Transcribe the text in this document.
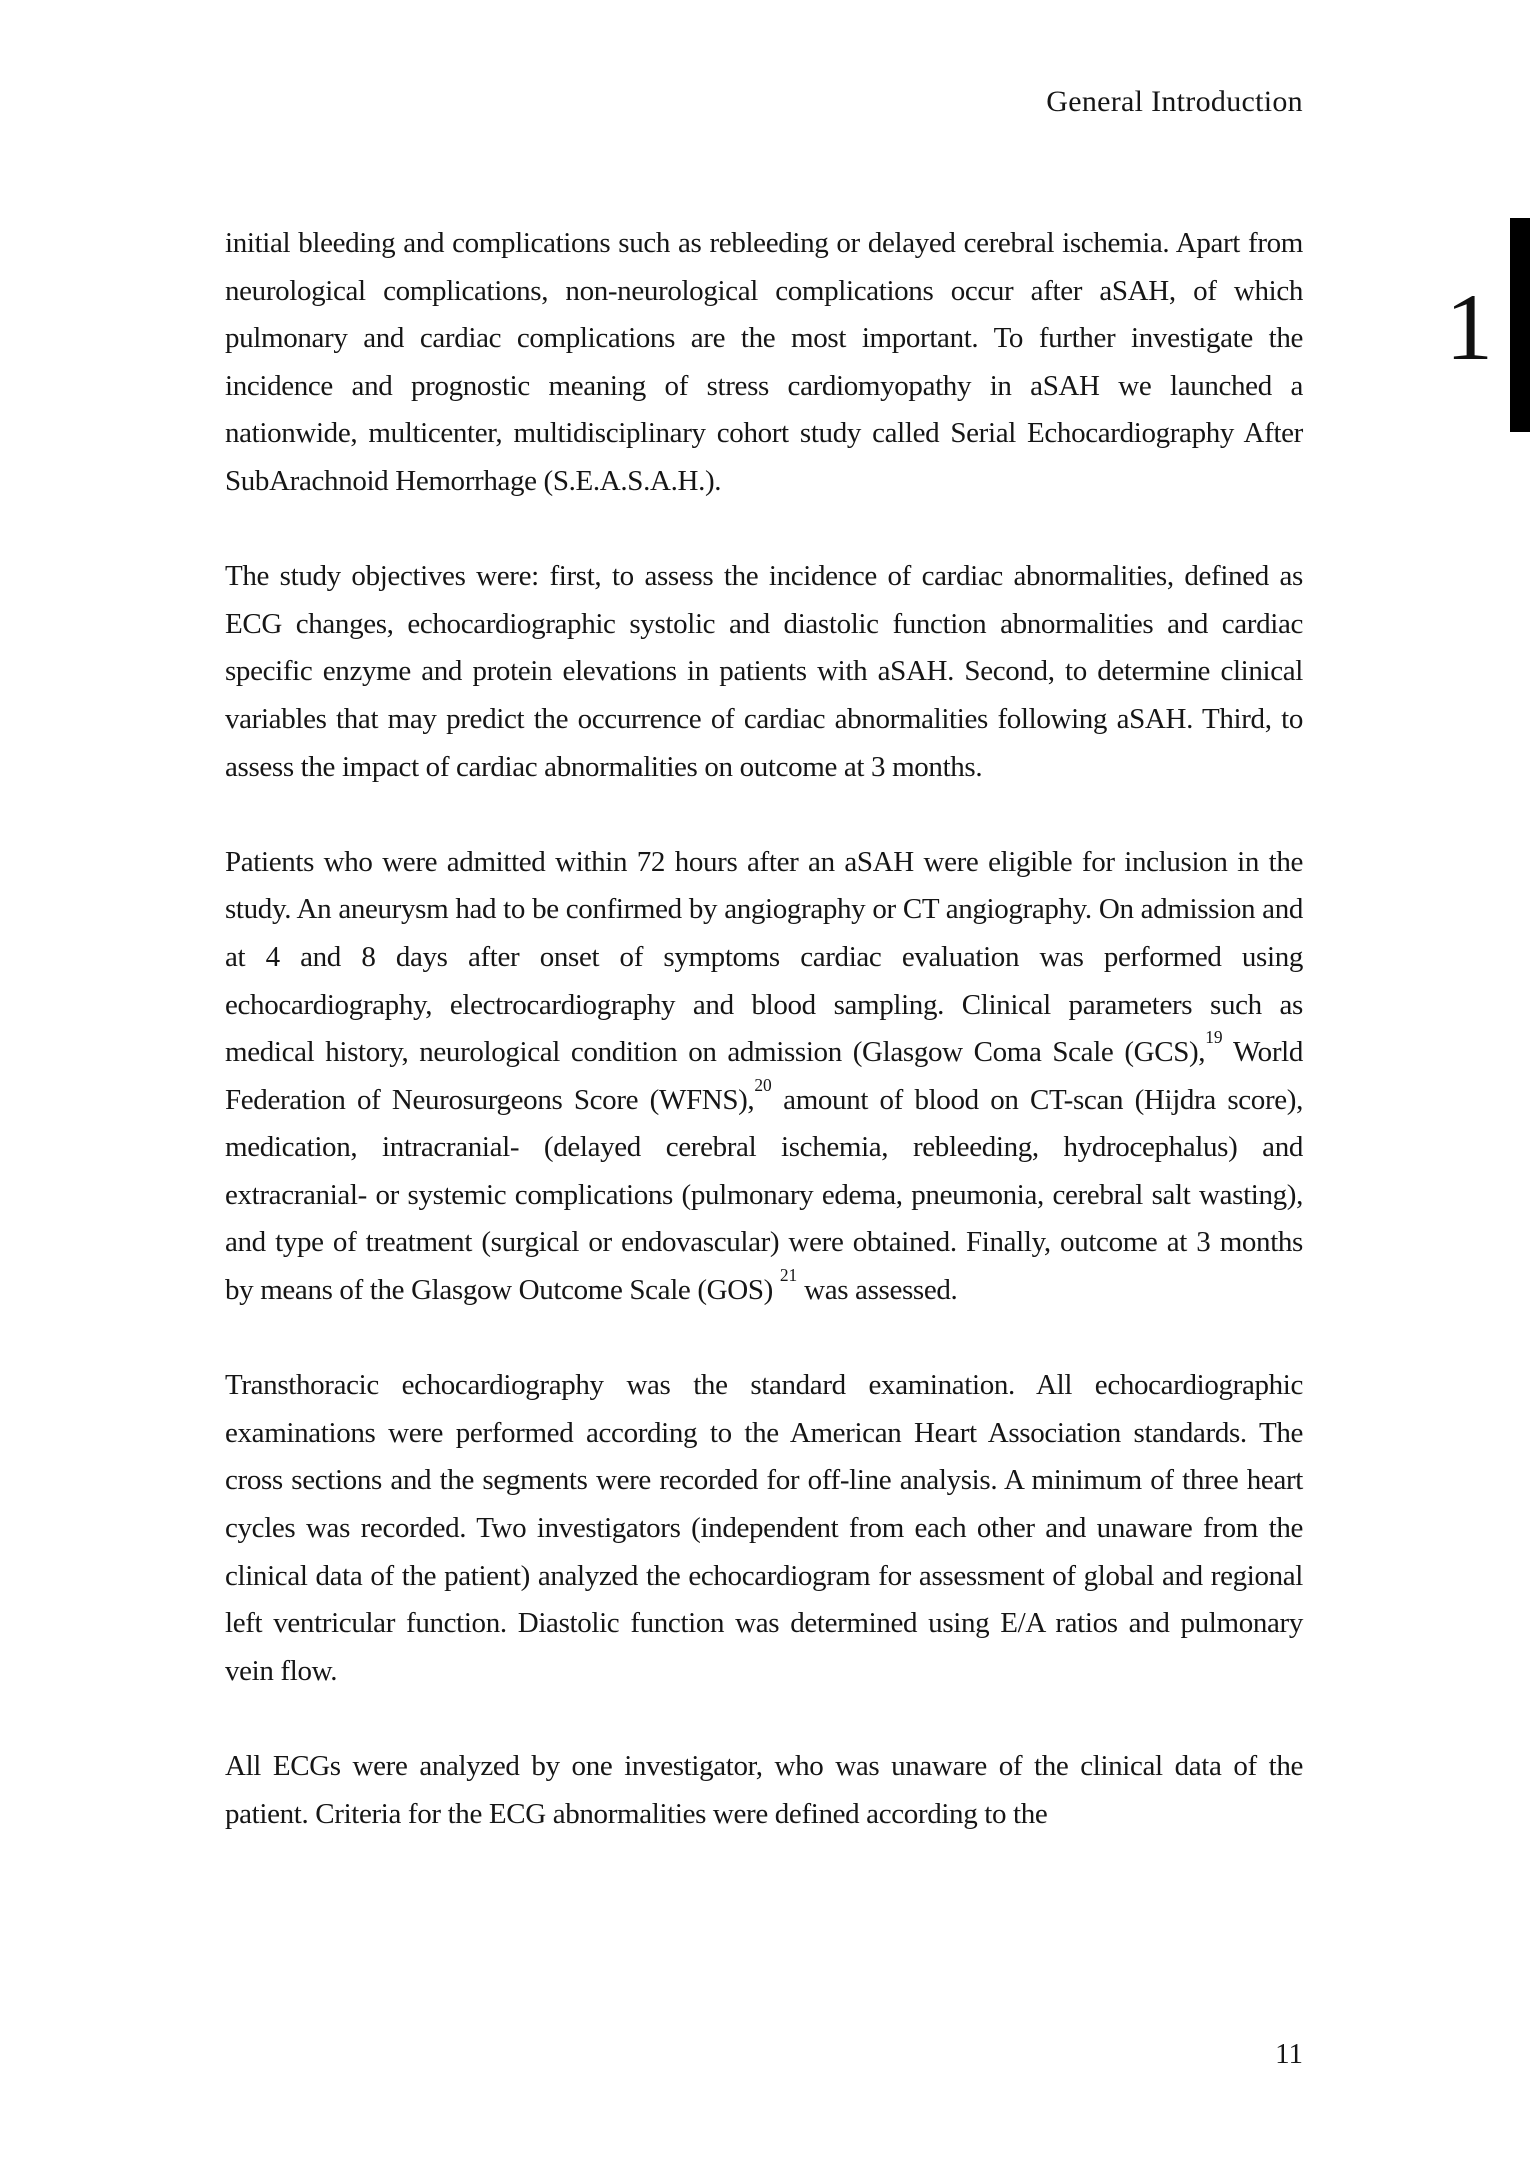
General Introduction
1

initial bleeding and complications such as rebleeding or delayed cerebral ischemia. Apart from neurological complications, non-neurological complications occur after aSAH, of which pulmonary and cardiac complications are the most important. To further investigate the incidence and prognostic meaning of stress cardiomyopathy in aSAH we launched a nationwide, multicenter, multidisciplinary cohort study called Serial Echocardiography After SubArachnoid Hemorrhage (S.E.A.S.A.H.).

The study objectives were: first, to assess the incidence of cardiac abnormalities, defined as ECG changes, echocardiographic systolic and diastolic function abnormalities and cardiac specific enzyme and protein elevations in patients with aSAH. Second, to determine clinical variables that may predict the occurrence of cardiac abnormalities following aSAH. Third, to assess the impact of cardiac abnormalities on outcome at 3 months.

Patients who were admitted within 72 hours after an aSAH were eligible for inclusion in the study. An aneurysm had to be confirmed by angiography or CT angiography. On admission and at 4 and 8 days after onset of symptoms cardiac evaluation was performed using echocardiography, electrocardiography and blood sampling. Clinical parameters such as medical history, neurological condition on admission (Glasgow Coma Scale (GCS),$^{19}$ World Federation of Neurosurgeons Score (WFNS),$^{20}$ amount of blood on CT-scan (Hijdra score), medication, intracranial- (delayed cerebral ischemia, rebleeding, hydrocephalus) and extracranial- or systemic complications (pulmonary edema, pneumonia, cerebral salt wasting), and type of treatment (surgical or endovascular) were obtained. Finally, outcome at 3 months by means of the Glasgow Outcome Scale (GOS) $^{21}$ was assessed.

Transthoracic echocardiography was the standard examination. All echocardiographic examinations were performed according to the American Heart Association standards. The cross sections and the segments were recorded for off-line analysis. A minimum of three heart cycles was recorded. Two investigators (independent from each other and unaware from the clinical data of the patient) analyzed the echocardiogram for assessment of global and regional left ventricular function. Diastolic function was determined using E/A ratios and pulmonary vein flow.

All ECGs were analyzed by one investigator, who was unaware of the clinical data of the patient. Criteria for the ECG abnormalities were defined according to the

11
